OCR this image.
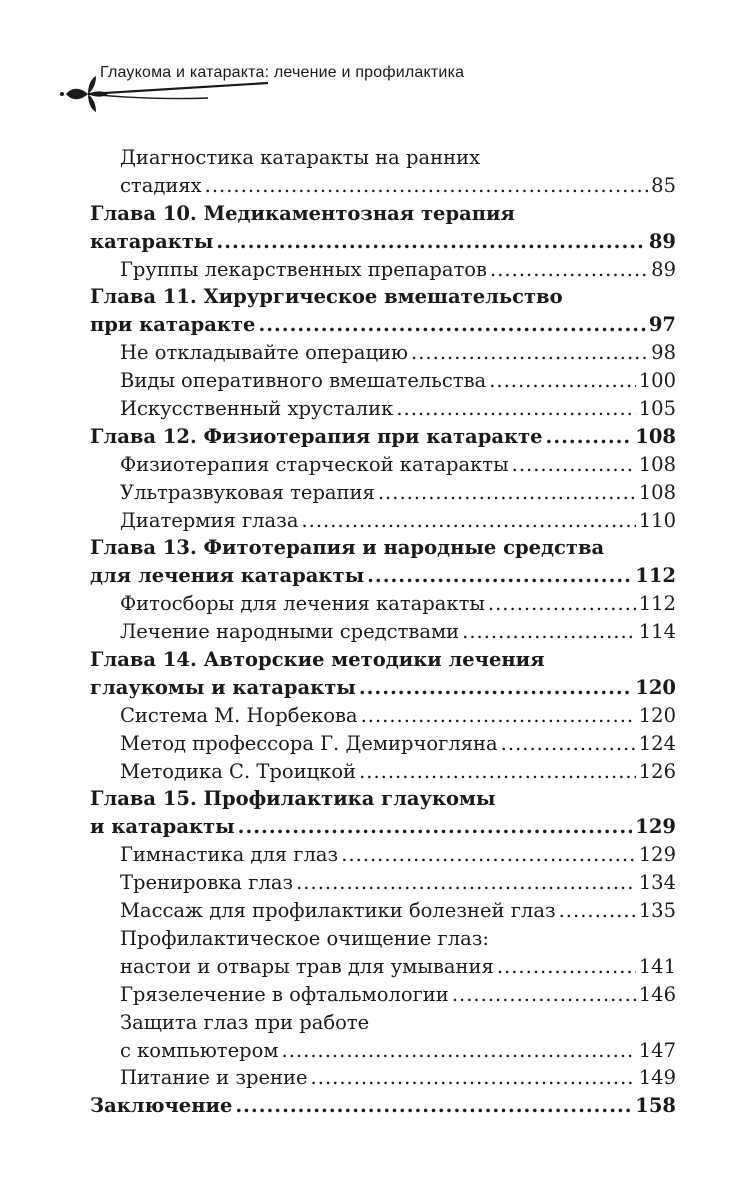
Глаукома и катаракта: лечение и профилактика
Диагностика катаракты на ранних
стадиях .....	85
Глава 10. Медикаментозная терапия
катаракты .....	89
Группы лекарственных препаратов .....	89
Глава 11. Хирургическое вмешательство
при катаракте .....	97
Не откладывайте операцию .....	98
Виды оперативного вмешательства .....	100
Искусственный хрусталик .....	105
Глава 12. Физиотерапия при катаракте .....	108
Физиотерапия старческой катаракты .....	108
Ультразвуковая терапия .....	108
Диатермия глаза .....	110
Глава 13. Фитотерапия и народные средства
для лечения катаракты .....	112
Фитосборы для лечения катаракты .....	112
Лечение народными средствами .....	114
Глава 14. Авторские методики лечения
глаукомы и катаракты .....	120
Система М. Норбекова .....	120
Метод профессора Г. Демирчогляна .....	124
Методика С. Троицкой .....	126
Глава 15. Профилактика глаукомы
и катаракты .....	129
Гимнастика для глаз .....	129
Тренировка глаз .....	134
Массаж для профилактики болезней глаз .....	135
Профилактическое очищение глаз:
настои и отвары трав для умывания .....	141
Грязелечение в офтальмологии .....	146
Защита глаз при работе
с компьютером .....	147
Питание и зрение .....	149
Заключение .....	158
